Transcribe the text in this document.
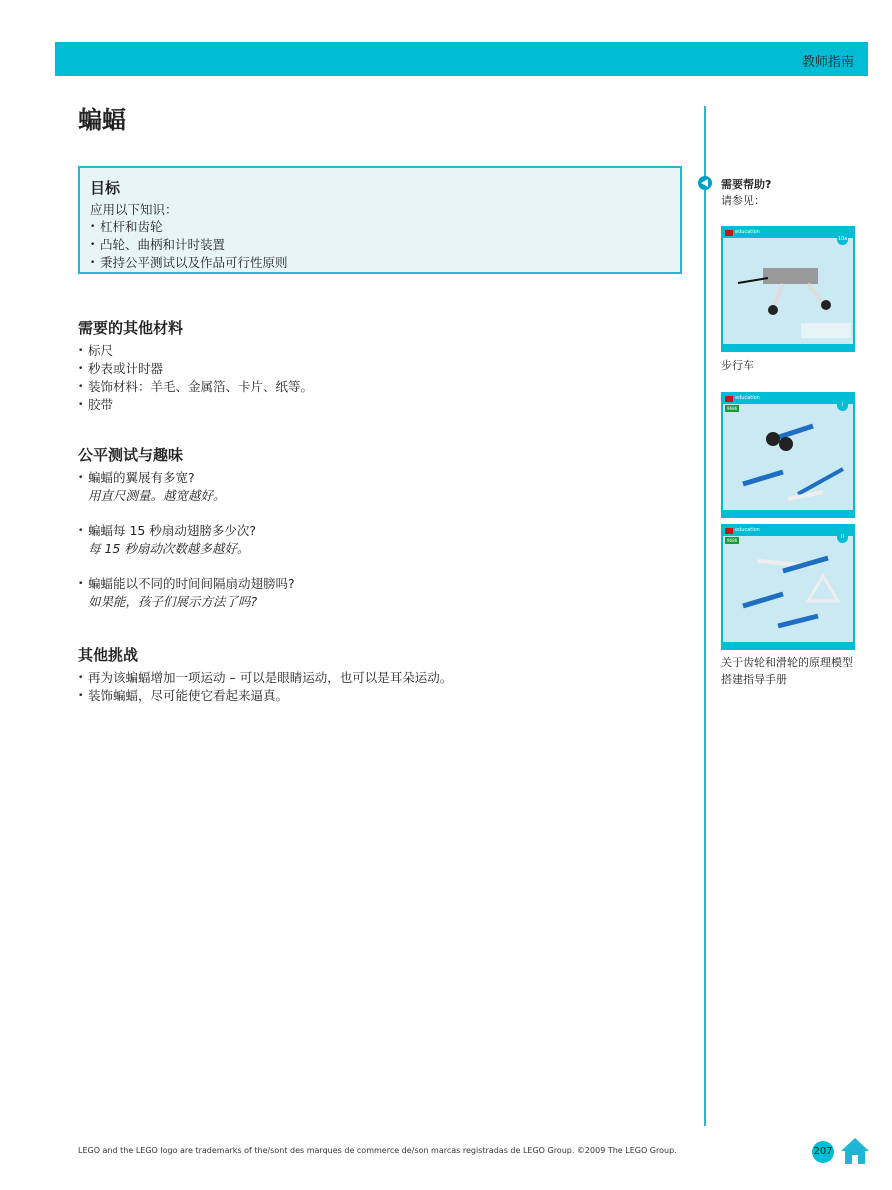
教师指南
蝙蝠
目标
应用以下知识：
• 杠杆和齿轮
• 凸轮、曲柄和计时装置
• 秉持公平测试以及作品可行性原则
需要的其他材料
• 标尺
• 秒表或计时器
• 装饰材料：羊毛、金属箔、卡片、纸等。
• 胶带
公平测试与趣味
• 蝙蝠的翼展有多宽?
用直尺测量。越宽越好。
• 蝙蝠每 15 秒扇动翅膀多少次?
每 15 秒扇动次数越多越好。
• 蝙蝠能以不同的时间间隔扇动翅膀吗?
如果能，孩子们展示方法了吗?
其他挑战
• 再为该蝙蝠增加一项运动 – 可以是眼睛运动，也可以是耳朵运动。
• 装饰蝙蝠，尽可能使它看起来逼真。
需要帮助?
请参见：
education
10a
步行车
education
9686
I
education
9686
II
关于齿轮和滑轮的原理模型搭建指导手册
LEGO and the LEGO logo are trademarks of the/sont des marques de commerce de/son marcas registradas de LEGO Group. ©2009 The LEGO Group.	207
